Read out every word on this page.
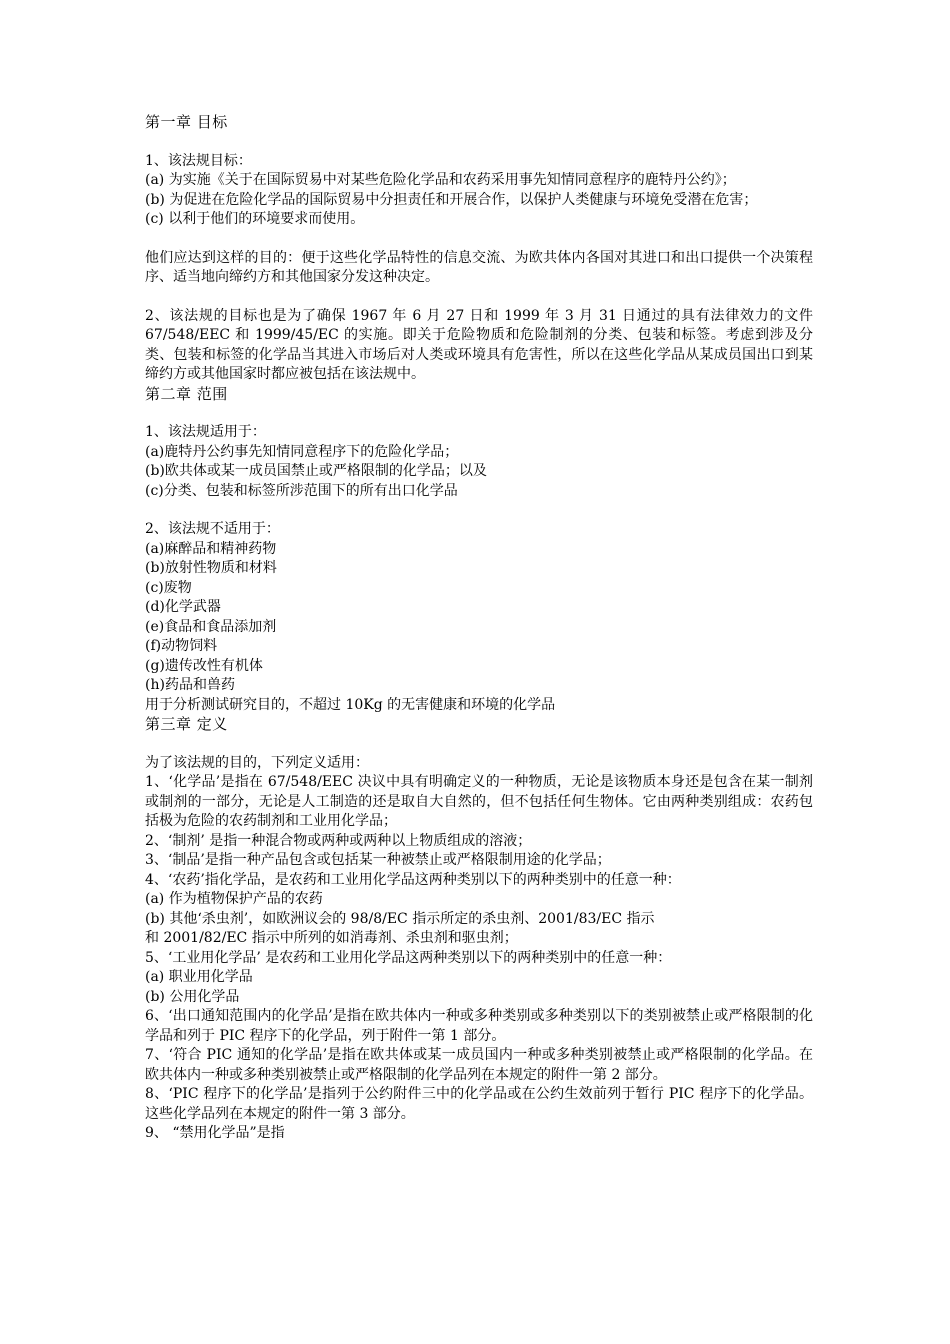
第一章 目标
1、该法规目标：
(a) 为实施《关于在国际贸易中对某些危险化学品和农药采用事先知情同意程序的鹿特丹公约》；
(b) 为促进在危险化学品的国际贸易中分担责任和开展合作，以保护人类健康与环境免受潜在危害；
(c) 以利于他们的环境要求而使用。
他们应达到这样的目的：便于这些化学品特性的信息交流、为欧共体内各国对其进口和出口提供一个决策程序、适当地向缔约方和其他国家分发这种决定。
2、该法规的目标也是为了确保 1967 年 6 月 27 日和 1999 年 3 月 31 日通过的具有法律效力的文件 67/548/EEC 和 1999/45/EC 的实施。即关于危险物质和危险制剂的分类、包装和标签。考虑到涉及分类、包装和标签的化学品当其进入市场后对人类或环境具有危害性，所以在这些化学品从某成员国出口到某缔约方或其他国家时都应被包括在该法规中。
第二章 范围
1、该法规适用于：
(a)鹿特丹公约事先知情同意程序下的危险化学品；
(b)欧共体或某一成员国禁止或严格限制的化学品；以及
(c)分类、包装和标签所涉范围下的所有出口化学品
2、该法规不适用于：
(a)麻醉品和精神药物
(b)放射性物质和材料
(c)废物
(d)化学武器
(e)食品和食品添加剂
(f)动物饲料
(g)遗传改性有机体
(h)药品和兽药
用于分析测试研究目的，不超过 10Kg 的无害健康和环境的化学品
第三章 定义
为了该法规的目的，下列定义适用：
1、‘化学品’是指在 67/548/EEC 决议中具有明确定义的一种物质，无论是该物质本身还是包含在某一制剂或制剂的一部分，无论是人工制造的还是取自大自然的，但不包括任何生物体。它由两种类别组成：农药包括极为危险的农药制剂和工业用化学品；
2、‘制剂’ 是指一种混合物或两种或两种以上物质组成的溶液；
3、‘制品’是指一种产品包含或包括某一种被禁止或严格限制用途的化学品；
4、‘农药’指化学品，是农药和工业用化学品这两种类别以下的两种类别中的任意一种：
(a) 作为植物保护产品的农药
(b) 其他‘杀虫剂’，如欧洲议会的 98/8/EC 指示所定的杀虫剂、2001/83/EC 指示
和 2001/82/EC 指示中所列的如消毒剂、杀虫剂和驱虫剂；
5、‘工业用化学品’ 是农药和工业用化学品这两种类别以下的两种类别中的任意一种：
(a) 职业用化学品
(b) 公用化学品
6、‘出口通知范围内的化学品’是指在欧共体内一种或多种类别或多种类别以下的类别被禁止或严格限制的化学品和列于 PIC 程序下的化学品，列于附件一第 1 部分。
7、‘符合 PIC 通知的化学品’是指在欧共体或某一成员国内一种或多种类别被禁止或严格限制的化学品。在欧共体内一种或多种类别被禁止或严格限制的化学品列在本规定的附件一第 2 部分。
8、‘PIC 程序下的化学品’是指列于公约附件三中的化学品或在公约生效前列于暂行 PIC 程序下的化学品。这些化学品列在本规定的附件一第 3 部分。
9、 “禁用化学品”是指
